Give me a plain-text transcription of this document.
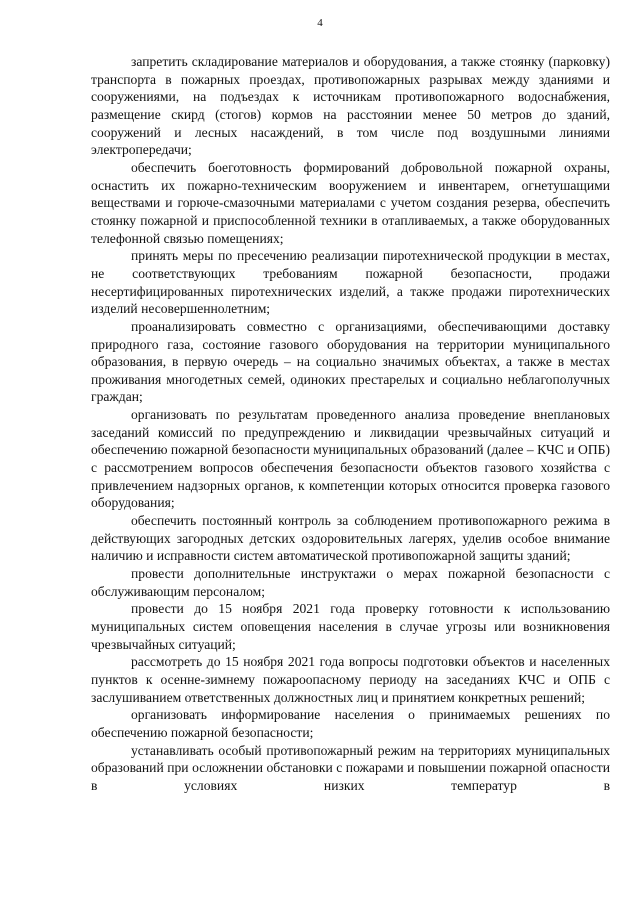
4

запретить складирование материалов и оборудования, а также стоянку (парковку) транспорта в пожарных проездах, противопожарных разрывах между зданиями и сооружениями, на подъездах к источникам противопожарного водоснабжения, размещение скирд (стогов) кормов на расстоянии менее 50 метров до зданий, сооружений и лесных насаждений, в том числе под воздушными линиями электропередачи;

обеспечить боеготовность формирований добровольной пожарной охраны, оснастить их пожарно-техническим вооружением и инвентарем, огнетушащими веществами и горюче-смазочными материалами с учетом создания резерва, обеспечить стоянку пожарной и приспособленной техники в отапливаемых, а также оборудованных телефонной связью помещениях;

принять меры по пресечению реализации пиротехнической продукции в местах, не соответствующих требованиям пожарной безопасности, продажи несертифицированных пиротехнических изделий, а также продажи пиротехнических изделий несовершеннолетним;

проанализировать совместно с организациями, обеспечивающими доставку природного газа, состояние газового оборудования на территории муниципального образования, в первую очередь – на социально значимых объектах, а также в местах проживания многодетных семей, одиноких престарелых и социально неблагополучных граждан;

организовать по результатам проведенного анализа проведение внеплановых заседаний комиссий по предупреждению и ликвидации чрезвычайных ситуаций и обеспечению пожарной безопасности муниципальных образований (далее – КЧС и ОПБ) с рассмотрением вопросов обеспечения безопасности объектов газового хозяйства с привлечением надзорных органов, к компетенции которых относится проверка газового оборудования;

обеспечить постоянный контроль за соблюдением противопожарного режима в действующих загородных детских оздоровительных лагерях, уделив особое внимание наличию и исправности систем автоматической противопожарной защиты зданий;

провести дополнительные инструктажи о мерах пожарной безопасности с обслуживающим персоналом;

провести до 15 ноября 2021 года проверку готовности к использованию муниципальных систем оповещения населения в случае угрозы или возникновения чрезвычайных ситуаций;

рассмотреть до 15 ноября 2021 года вопросы подготовки объектов и населенных пунктов к осенне-зимнему пожароопасному периоду на заседаниях КЧС и ОПБ с заслушиванием ответственных должностных лиц и принятием конкретных решений;

организовать информирование населения о принимаемых решениях по обеспечению пожарной безопасности;

устанавливать особый противопожарный режим на территориях муниципальных образований при осложнении обстановки с пожарами и повышении пожарной опасности в условиях низких температур в
